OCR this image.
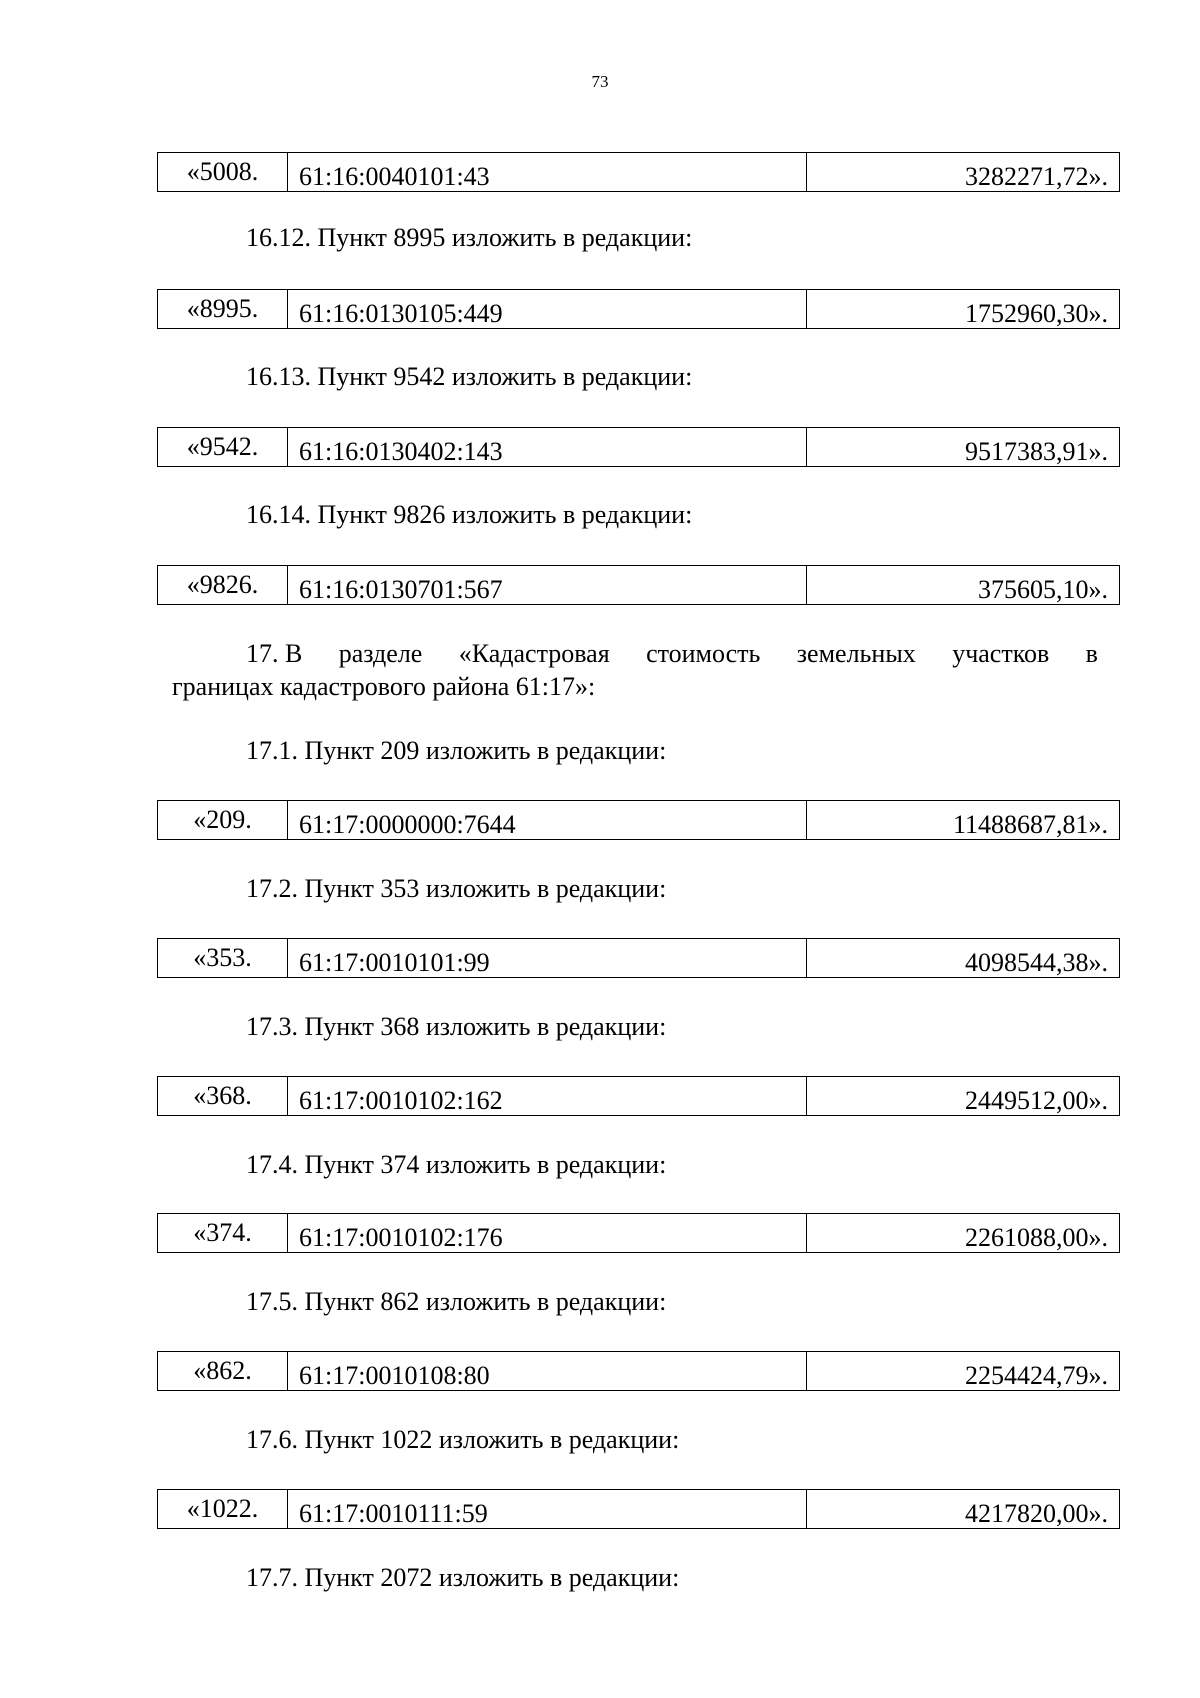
73
«5008.	61:16:0040101:43	3282271,72».
16.12. Пункт 8995 изложить в редакции:
«8995.	61:16:0130105:449	1752960,30».
16.13. Пункт 9542 изложить в редакции:
«9542.	61:16:0130402:143	9517383,91».
16.14. Пункт 9826 изложить в редакции:
«9826.	61:16:0130701:567	375605,10».
17. В разделе «Кадастровая стоимость земельных участков в
границах кадастрового района 61:17»:
17.1. Пункт 209 изложить в редакции:
«209.	61:17:0000000:7644	11488687,81».
17.2. Пункт 353 изложить в редакции:
«353.	61:17:0010101:99	4098544,38».
17.3. Пункт 368 изложить в редакции:
«368.	61:17:0010102:162	2449512,00».
17.4. Пункт 374 изложить в редакции:
«374.	61:17:0010102:176	2261088,00».
17.5. Пункт 862 изложить в редакции:
«862.	61:17:0010108:80	2254424,79».
17.6. Пункт 1022 изложить в редакции:
«1022.	61:17:0010111:59	4217820,00».
17.7. Пункт 2072 изложить в редакции:
